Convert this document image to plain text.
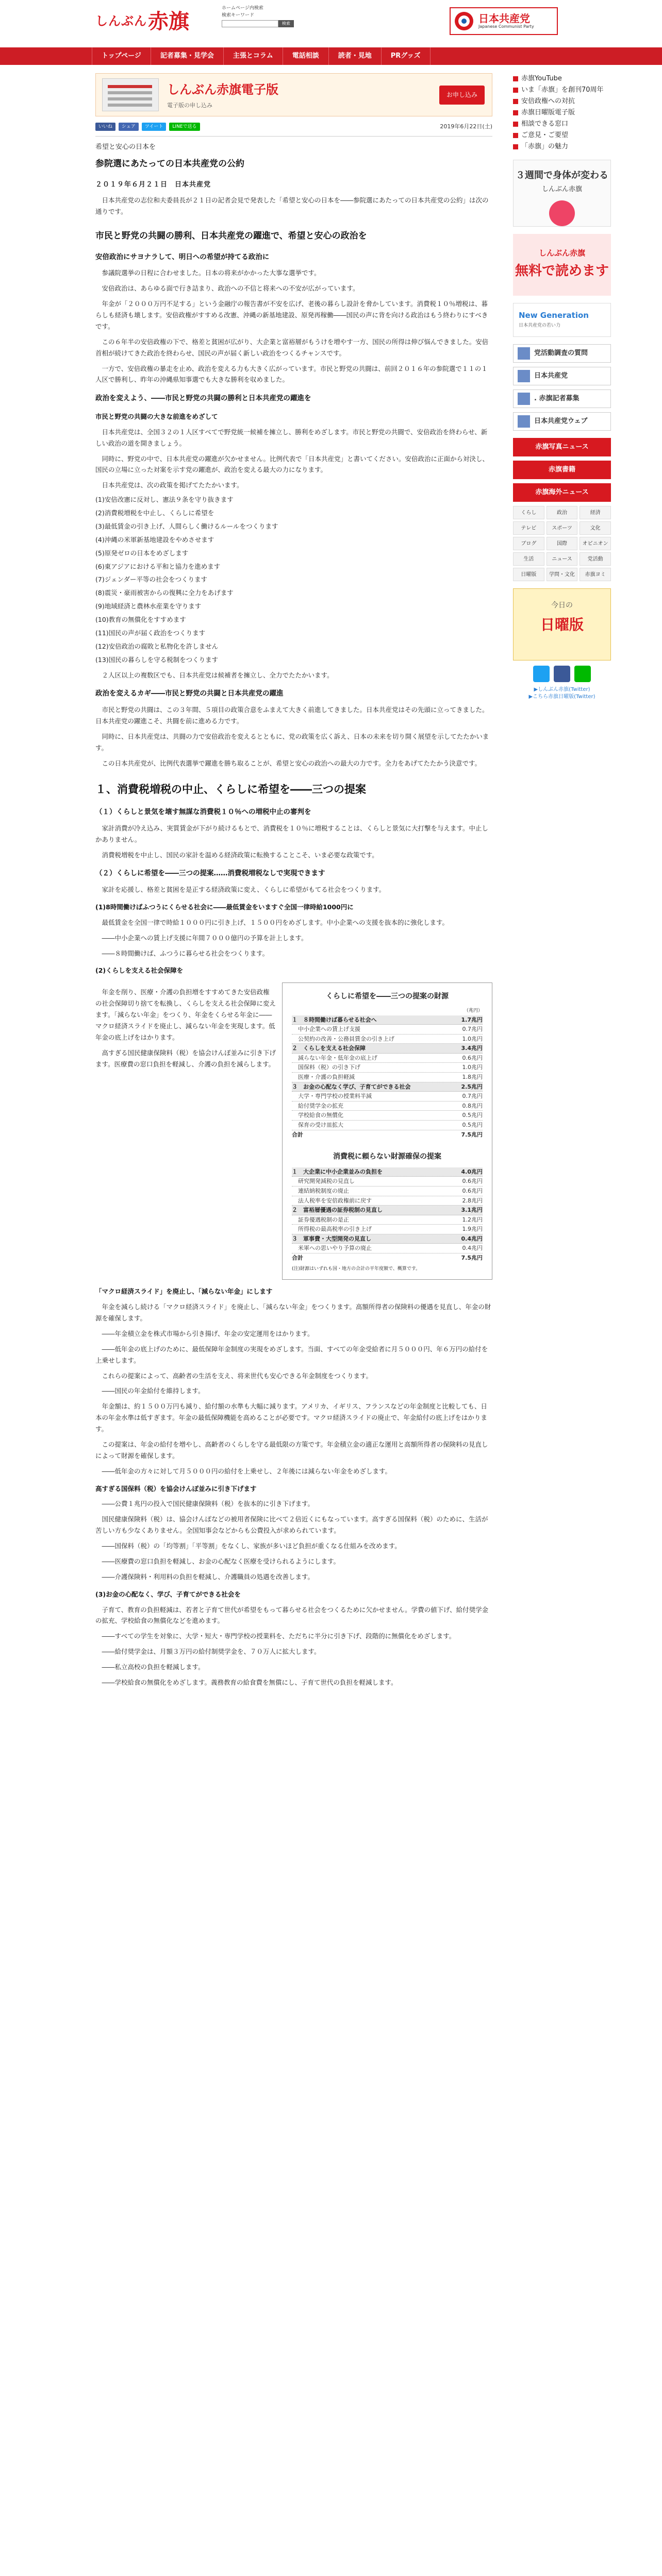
しんぶん 赤旗
ホームページ内検索
検索キーワード
検索	日本共産党
Japanese Communist Party
トップページ	記者募集・見学会	主張とコラム	電話相談	読者・見地	PRグッズ
しんぶん赤旗電子版
電子版の申し込み
お申し込み
いいね	シェア	ツイート	LINEで送る	2019年6月22日(土)
希望と安心の日本を
参院選にあたっての日本共産党の公約
２０１９年６月２１日　日本共産党

日本共産党の志位和夫委員長が２１日の記者会見で発表した「希望と安心の日本を――参院選にあたっての日本共産党の公約」は次の通りです。

市民と野党の共闘の勝利、日本共産党の躍進で、希望と安心の政治を
安倍政治にサヨナラして、明日への希望が持てる政治に

参議院選挙の日程に合わせました。日本の将来がかかった大事な選挙です。

安倍政治は、あらゆる面で行き詰まり、政治への不信と将来への不安が広がっています。

年金が「２０００万円不足する」という金融庁の報告書が不安を広げ、老後の暮らし設計を脅かしています。消費税１０％増税は、暮らしも経済も壊します。安倍政権がすすめる改憲、沖縄の新基地建設、原発再稼働――国民の声に背を向ける政治はもう終わりにすべきです。

この６年半の安倍政権の下で、格差と貧困が広がり、大企業と富裕層がもうけを増やす一方、国民の所得は伸び悩んできました。安倍首相が続けてきた政治を終わらせ、国民の声が届く新しい政治をつくるチャンスです。

一方で、安倍政権の暴走を止め、政治を変える力も大きく広がっています。市民と野党の共闘は、前回２０１６年の参院選で１１の１人区で勝利し、昨年の沖縄県知事選でも大きな勝利を収めました。

政治を変えよう、――市民と野党の共闘の勝利と日本共産党の躍進を
市民と野党の共闘の大きな前進をめざして

日本共産党は、全国３２の１人区すべてで野党統一候補を擁立し、勝利をめざします。市民と野党の共闘で、安倍政治を終わらせ、新しい政治の道を開きましょう。

同時に、野党の中で、日本共産党の躍進が欠かせません。比例代表で「日本共産党」と書いてください。安倍政治に正面から対決し、国民の立場に立った対案を示す党の躍進が、政治を変える最大の力になります。

日本共産党は、次の政策を掲げてたたかいます。

(1)安倍改憲に反対し、憲法９条を守り抜きます
(2)消費税増税を中止し、くらしに希望を
(3)最低賃金の引き上げ、人間らしく働けるルールをつくります
(4)沖縄の米軍新基地建設をやめさせます
(5)原発ゼロの日本をめざします
(6)東アジアにおける平和と協力を進めます
(7)ジェンダー平等の社会をつくります
(8)震災・豪雨被害からの復興に全力をあげます
(9)地域経済と農林水産業を守ります
(10)教育の無償化をすすめます
(11)国民の声が届く政治をつくります
(12)安倍政治の腐敗と私物化を許しません
(13)国民の暮らしを守る税制をつくります

２人区以上の複数区でも、日本共産党は候補者を擁立し、全力でたたかいます。

政治を変えるカギ――市民と野党の共闘と日本共産党の躍進

市民と野党の共闘は、この３年間、５項目の政策合意をふまえて大きく前進してきました。日本共産党はその先頭に立ってきました。日本共産党の躍進こそ、共闘を前に進める力です。

同時に、日本共産党は、共闘の力で安倍政治を変えるとともに、党の政策を広く訴え、日本の未来を切り開く展望を示してたたかいます。

この日本共産党が、比例代表選挙で躍進を勝ち取ることが、希望と安心の政治への最大の力です。全力をあげてたたかう決意です。

１、消費税増税の中止、くらしに希望を――三つの提案
（１）くらしと景気を壊す無謀な消費税１０％への増税中止の審判を

家計消費が冷え込み、実質賃金が下がり続けるもとで、消費税を１０％に増税することは、くらしと景気に大打撃を与えます。中止しかありません。

消費税増税を中止し、国民の家計を温める経済政策に転換することこそ、いま必要な政策です。

（２）くらしに希望を――三つの提案……消費税増税なしで実現できます

家計を応援し、格差と貧困を是正する経済政策に変え、くらしに希望がもてる社会をつくります。

(1)8時間働けばふつうにくらせる社会に――最低賃金をいますぐ全国一律時給1000円に

最低賃金を全国一律で時給１０００円に引き上げ、１５００円をめざします。中小企業への支援を抜本的に強化します。

――中小企業への賃上げ支援に年間７０００億円の予算を計上します。

――８時間働けば、ふつうに暮らせる社会をつくります。

(2)くらしを支える社会保障を

年金を削り、医療・介護の負担増をすすめてきた安倍政権の社会保障切り捨てを転換し、くらしを支える社会保障に変えます。「減らない年金」をつくり、年金をくらせる年金に――マクロ経済スライドを廃止し、減らない年金を実現します。低年金の底上げをはかります。

高すぎる国民健康保険料（税）を協会けんぽ並みに引き下げます。医療費の窓口負担を軽減し、介護の負担を減らします。

くらしに希望を――三つの提案の財源
（兆円）
１　８時間働けば暮らせる社会へ	1.7兆円
中小企業への賃上げ支援	0.7兆円
公契約の改善・公務員賃金の引き上げ	1.0兆円
２　くらしを支える社会保障	3.4兆円
減らない年金・低年金の底上げ	0.6兆円
国保料（税）の引き下げ	1.0兆円
医療・介護の負担軽減	1.8兆円
３　お金の心配なく学び、子育てができる社会	2.5兆円
大学・専門学校の授業料半減	0.7兆円
給付奨学金の拡充	0.8兆円
学校給食の無償化	0.5兆円
保育の受け皿拡大	0.5兆円
合計	7.5兆円
消費税に頼らない財源確保の提案
１　大企業に中小企業並みの負担を	4.0兆円
研究開発減税の見直し	0.6兆円
連結納税制度の廃止	0.6兆円
法人税率を安倍政権前に戻す	2.8兆円
２　富裕層優遇の証券税制の見直し	3.1兆円
証券優遇税制の是正	1.2兆円
所得税の最高税率の引き上げ	1.9兆円
３　軍事費・大型開発の見直し	0.4兆円
米軍への思いやり予算の廃止	0.4兆円
合計	7.5兆円
(注)財源はいずれも国・地方の合計の平年度額で、概算です。
「マクロ経済スライド」を廃止し、「減らない年金」にします

年金を減らし続ける「マクロ経済スライド」を廃止し、「減らない年金」をつくります。高額所得者の保険料の優遇を見直し、年金の財源を確保します。

――年金積立金を株式市場から引き揚げ、年金の安定運用をはかります。

――低年金の底上げのために、最低保障年金制度の実現をめざします。当面、すべての年金受給者に月５０００円、年６万円の給付を上乗せします。

これらの提案によって、高齢者の生活を支え、将来世代も安心できる年金制度をつくります。

――国民の年金給付を維持します。

年金額は、約１５００万円も減り、給付額の水準も大幅に減ります。アメリカ、イギリス、フランスなどの年金制度と比較しても、日本の年金水準は低すぎます。年金の最低保障機能を高めることが必要です。マクロ経済スライドの廃止で、年金給付の底上げをはかります。

この提案は、年金の給付を増やし、高齢者のくらしを守る最低限の方策です。年金積立金の適正な運用と高額所得者の保険料の見直しによって財源を確保します。

――低年金の方々に対して月５０００円の給付を上乗せし、２年後には減らない年金をめざします。

高すぎる国保料（税）を協会けんぽ並みに引き下げます

――公費１兆円の投入で国民健康保険料（税）を抜本的に引き下げます。

国民健康保険料（税）は、協会けんぽなどの被用者保険に比べて２倍近くにもなっています。高すぎる国保料（税）のために、生活が苦しい方も少なくありません。全国知事会などからも公費投入が求められています。

――国保料（税）の「均等割」「平等割」をなくし、家族が多いほど負担が重くなる仕組みを改めます。

――医療費の窓口負担を軽減し、お金の心配なく医療を受けられるようにします。

――介護保険料・利用料の負担を軽減し、介護職員の処遇を改善します。

(3)お金の心配なく、学び、子育てができる社会を

子育て、教育の負担軽減は、若者と子育て世代が希望をもって暮らせる社会をつくるために欠かせません。学費の値下げ、給付奨学金の拡充、学校給食の無償化などを進めます。

――すべての学生を対象に、大学・短大・専門学校の授業料を、ただちに半分に引き下げ、段階的に無償化をめざします。

――給付奨学金は、月額３万円の給付制奨学金を、７０万人に拡大します。

――私立高校の負担を軽減します。

――学校給食の無償化をめざします。義務教育の給食費を無償にし、子育て世代の負担を軽減します。

赤旗YouTube
いま「赤旗」を創刊70周年
安倍政権への対抗
赤旗日曜版電子版
相談できる窓口
ご意見・ご要望
「赤旗」の魅力
３週間で身体が変わる
しんぶん赤旗
しんぶん赤旗
無料で読めます
New Generation
日本共産党の若い力
党活動調査の質問
日本共産党
. 赤旗記者募集
日本共産党ウェブ
赤旗写真ニュース
赤旗書籍
赤旗海外ニュース
くらし	政治	経済
テレビ	スポーツ	文化
ブログ	国際	オピニオン
生活	ニュース	党活動
日曜版	学問・文化	赤旗ヨミ
今日の
日曜版
▶しんぶん赤旗(Twitter)
▶こちら赤旗日曜版(Twitter)
